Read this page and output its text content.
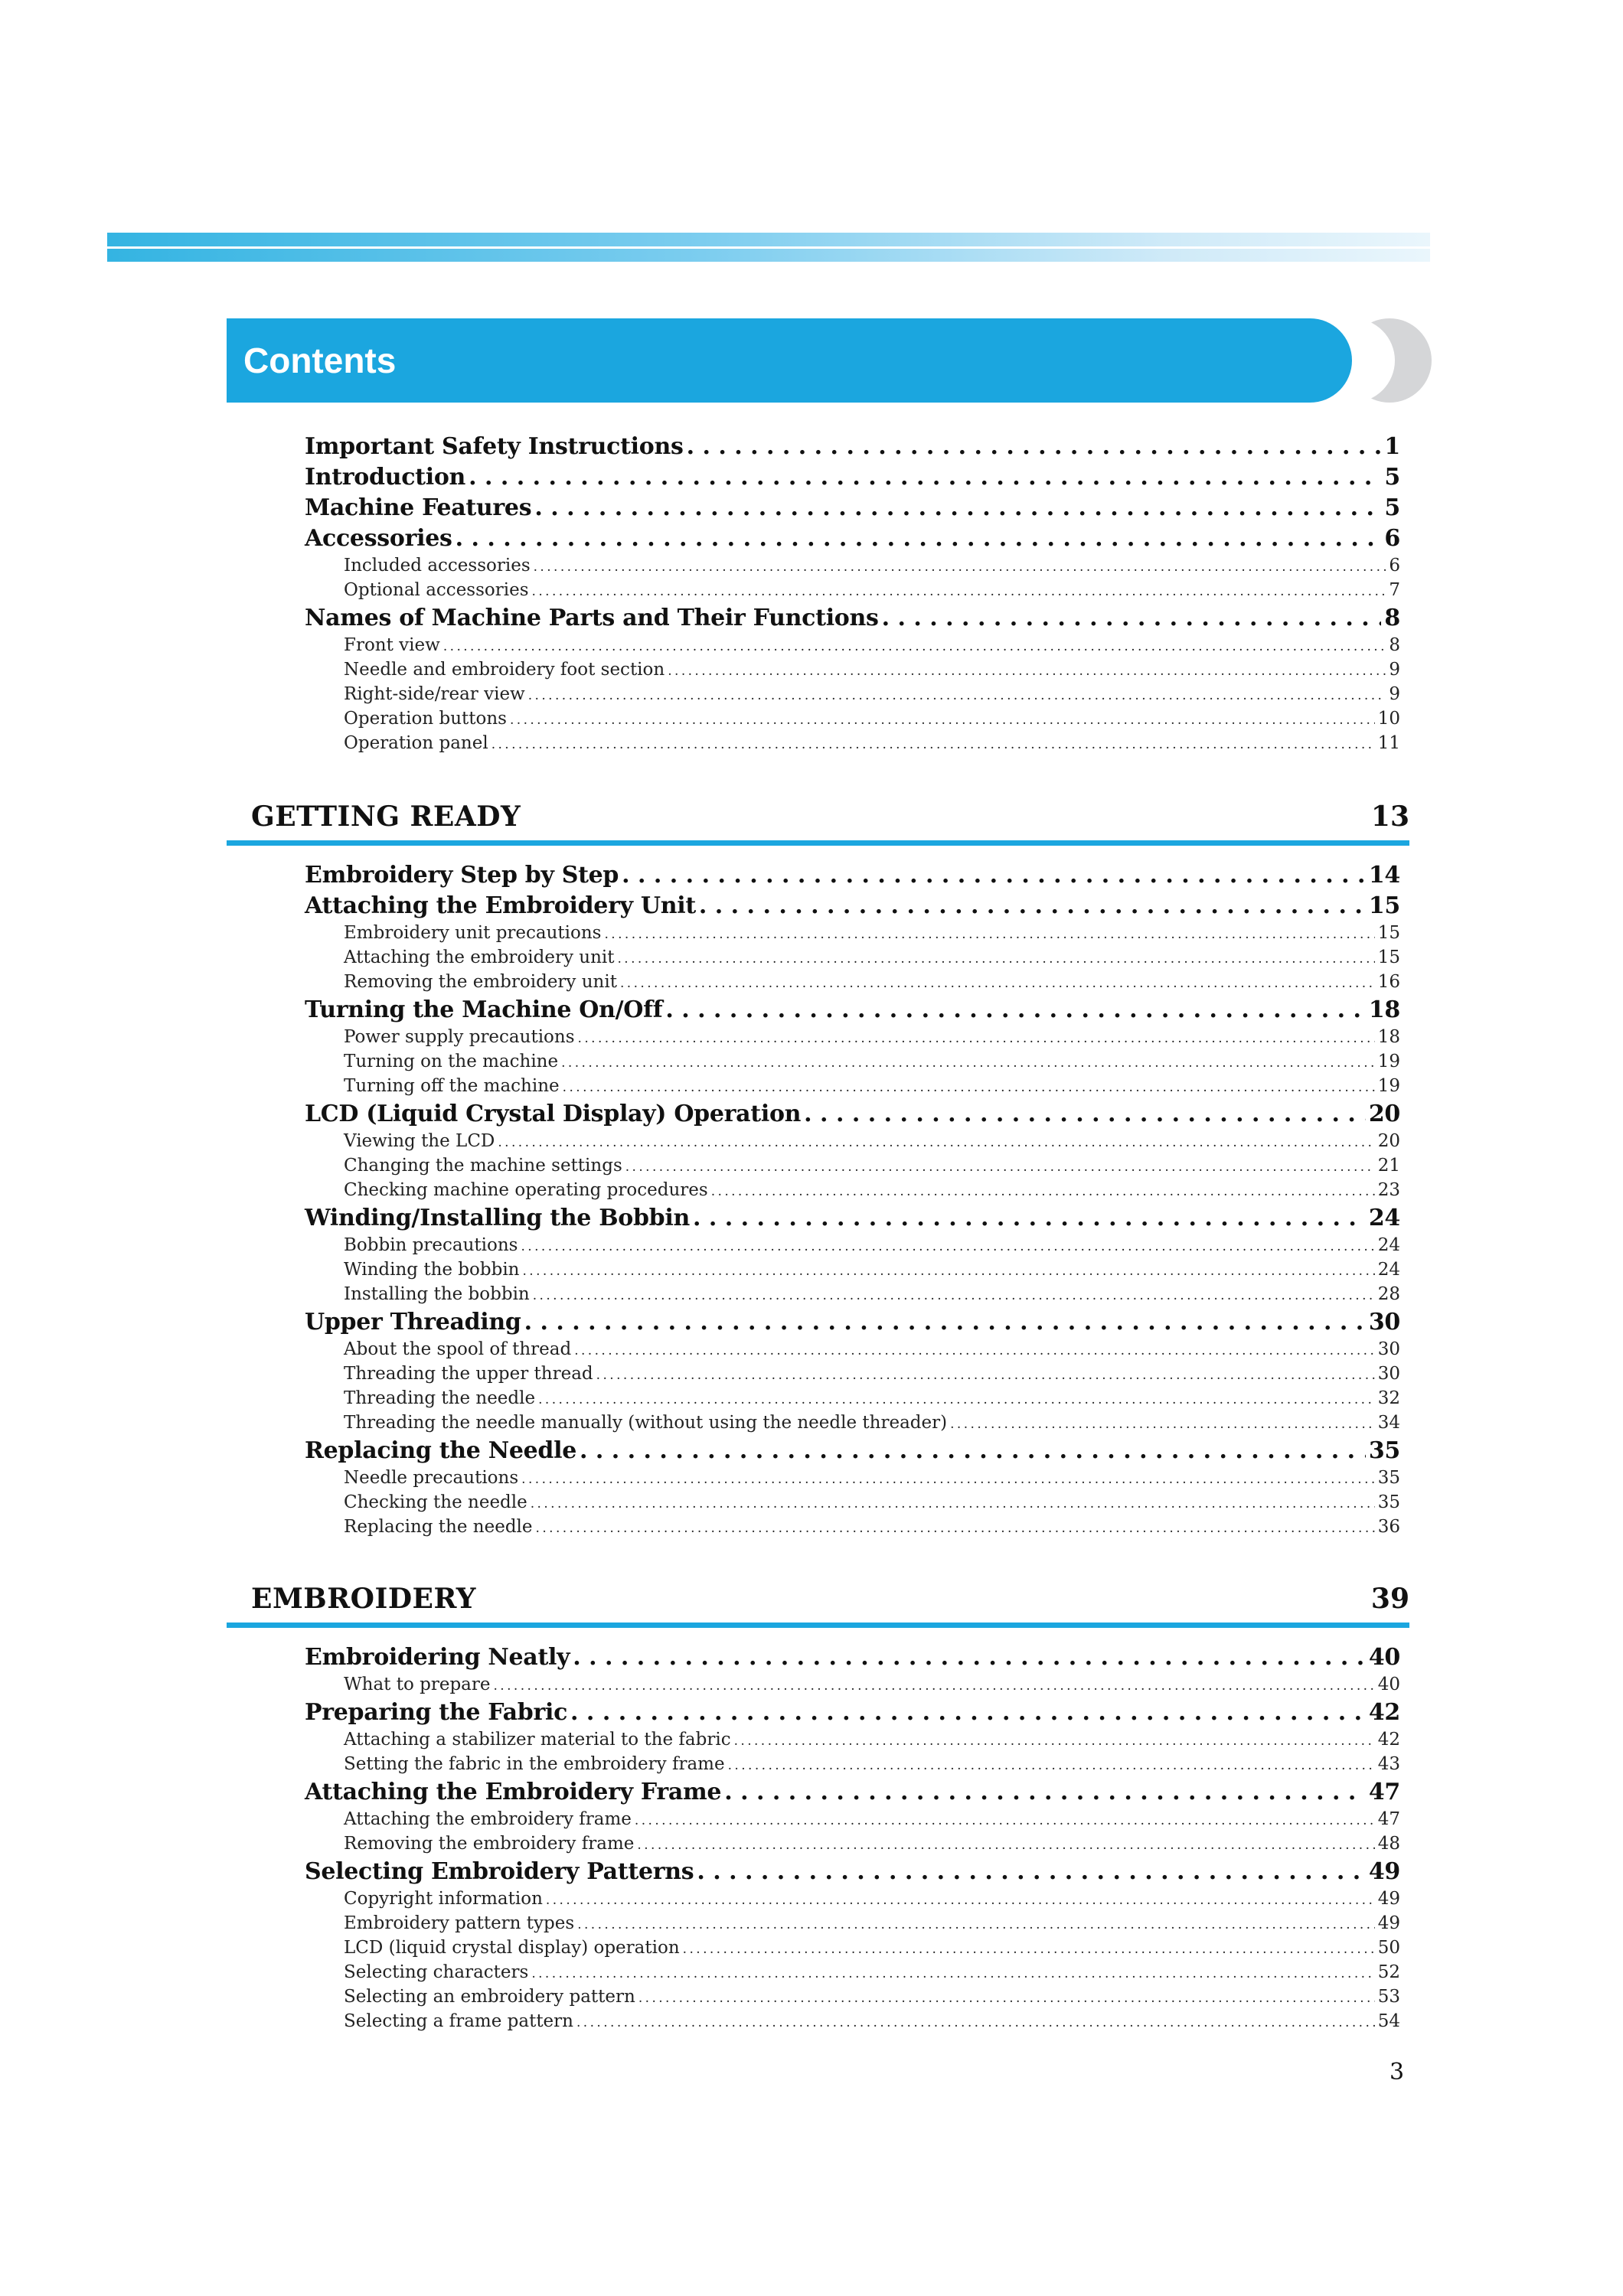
Contents
Important Safety Instructions . . .	1
Introduction . . .	5
Machine Features . . .	5
Accessories . . .	6
Included accessories . . .	6
Optional accessories . . .	7
Names of Machine Parts and Their Functions . . .	8
Front view . . .	8
Needle and embroidery foot section . . .	9
Right-side/rear view . . .	9
Operation buttons . . .	10
Operation panel . . .	11
GETTING READY	13
Embroidery Step by Step . . .	14
Attaching the Embroidery Unit . . .	15
Embroidery unit precautions . . .	15
Attaching the embroidery unit . . .	15
Removing the embroidery unit . . .	16
Turning the Machine On/Off . . .	18
Power supply precautions . . .	18
Turning on the machine . . .	19
Turning off the machine . . .	19
LCD (Liquid Crystal Display) Operation . . .	20
Viewing the LCD . . .	20
Changing the machine settings . . .	21
Checking machine operating procedures . . .	23
Winding/Installing the Bobbin . . .	24
Bobbin precautions . . .	24
Winding the bobbin . . .	24
Installing the bobbin . . .	28
Upper Threading . . .	30
About the spool of thread . . .	30
Threading the upper thread . . .	30
Threading the needle . . .	32
Threading the needle manually (without using the needle threader) . . .	34
Replacing the Needle . . .	35
Needle precautions . . .	35
Checking the needle . . .	35
Replacing the needle . . .	36
EMBROIDERY	39
Embroidering Neatly . . .	40
What to prepare . . .	40
Preparing the Fabric . . .	42
Attaching a stabilizer material to the fabric . . .	42
Setting the fabric in the embroidery frame . . .	43
Attaching the Embroidery Frame . . .	47
Attaching the embroidery frame . . .	47
Removing the embroidery frame . . .	48
Selecting Embroidery Patterns . . .	49
Copyright information . . .	49
Embroidery pattern types . . .	49
LCD (liquid crystal display) operation . . .	50
Selecting characters . . .	52
Selecting an embroidery pattern . . .	53
Selecting a frame pattern . . .	54
3
